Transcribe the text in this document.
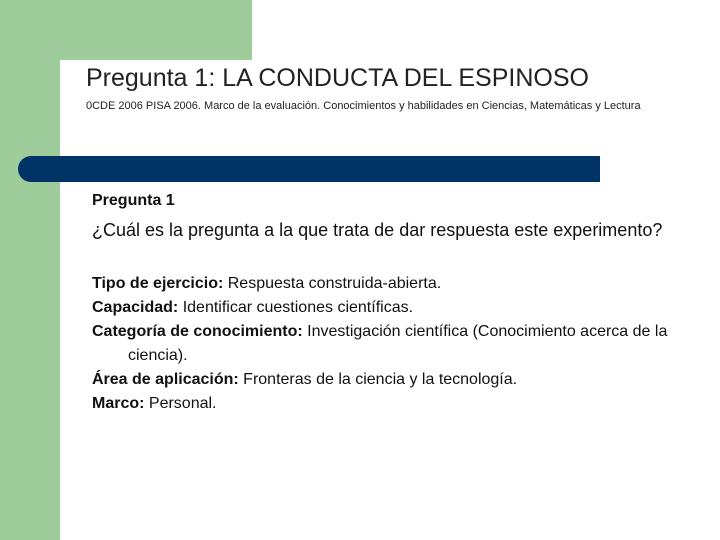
Pregunta 1: LA CONDUCTA DEL ESPINOSO
0CDE 2006 PISA 2006. Marco de la evaluación. Conocimientos y habilidades en Ciencias, Matemáticas y Lectura

Pregunta 1

¿Cuál es la pregunta a la que trata de dar respuesta este experimento?

Tipo de ejercicio: Respuesta construida-abierta.
Capacidad: Identificar cuestiones científicas.
Categoría de conocimiento: Investigación científica (Conocimiento acerca de la ciencia).
Área de aplicación: Fronteras de la ciencia y la tecnología.
Marco: Personal.
